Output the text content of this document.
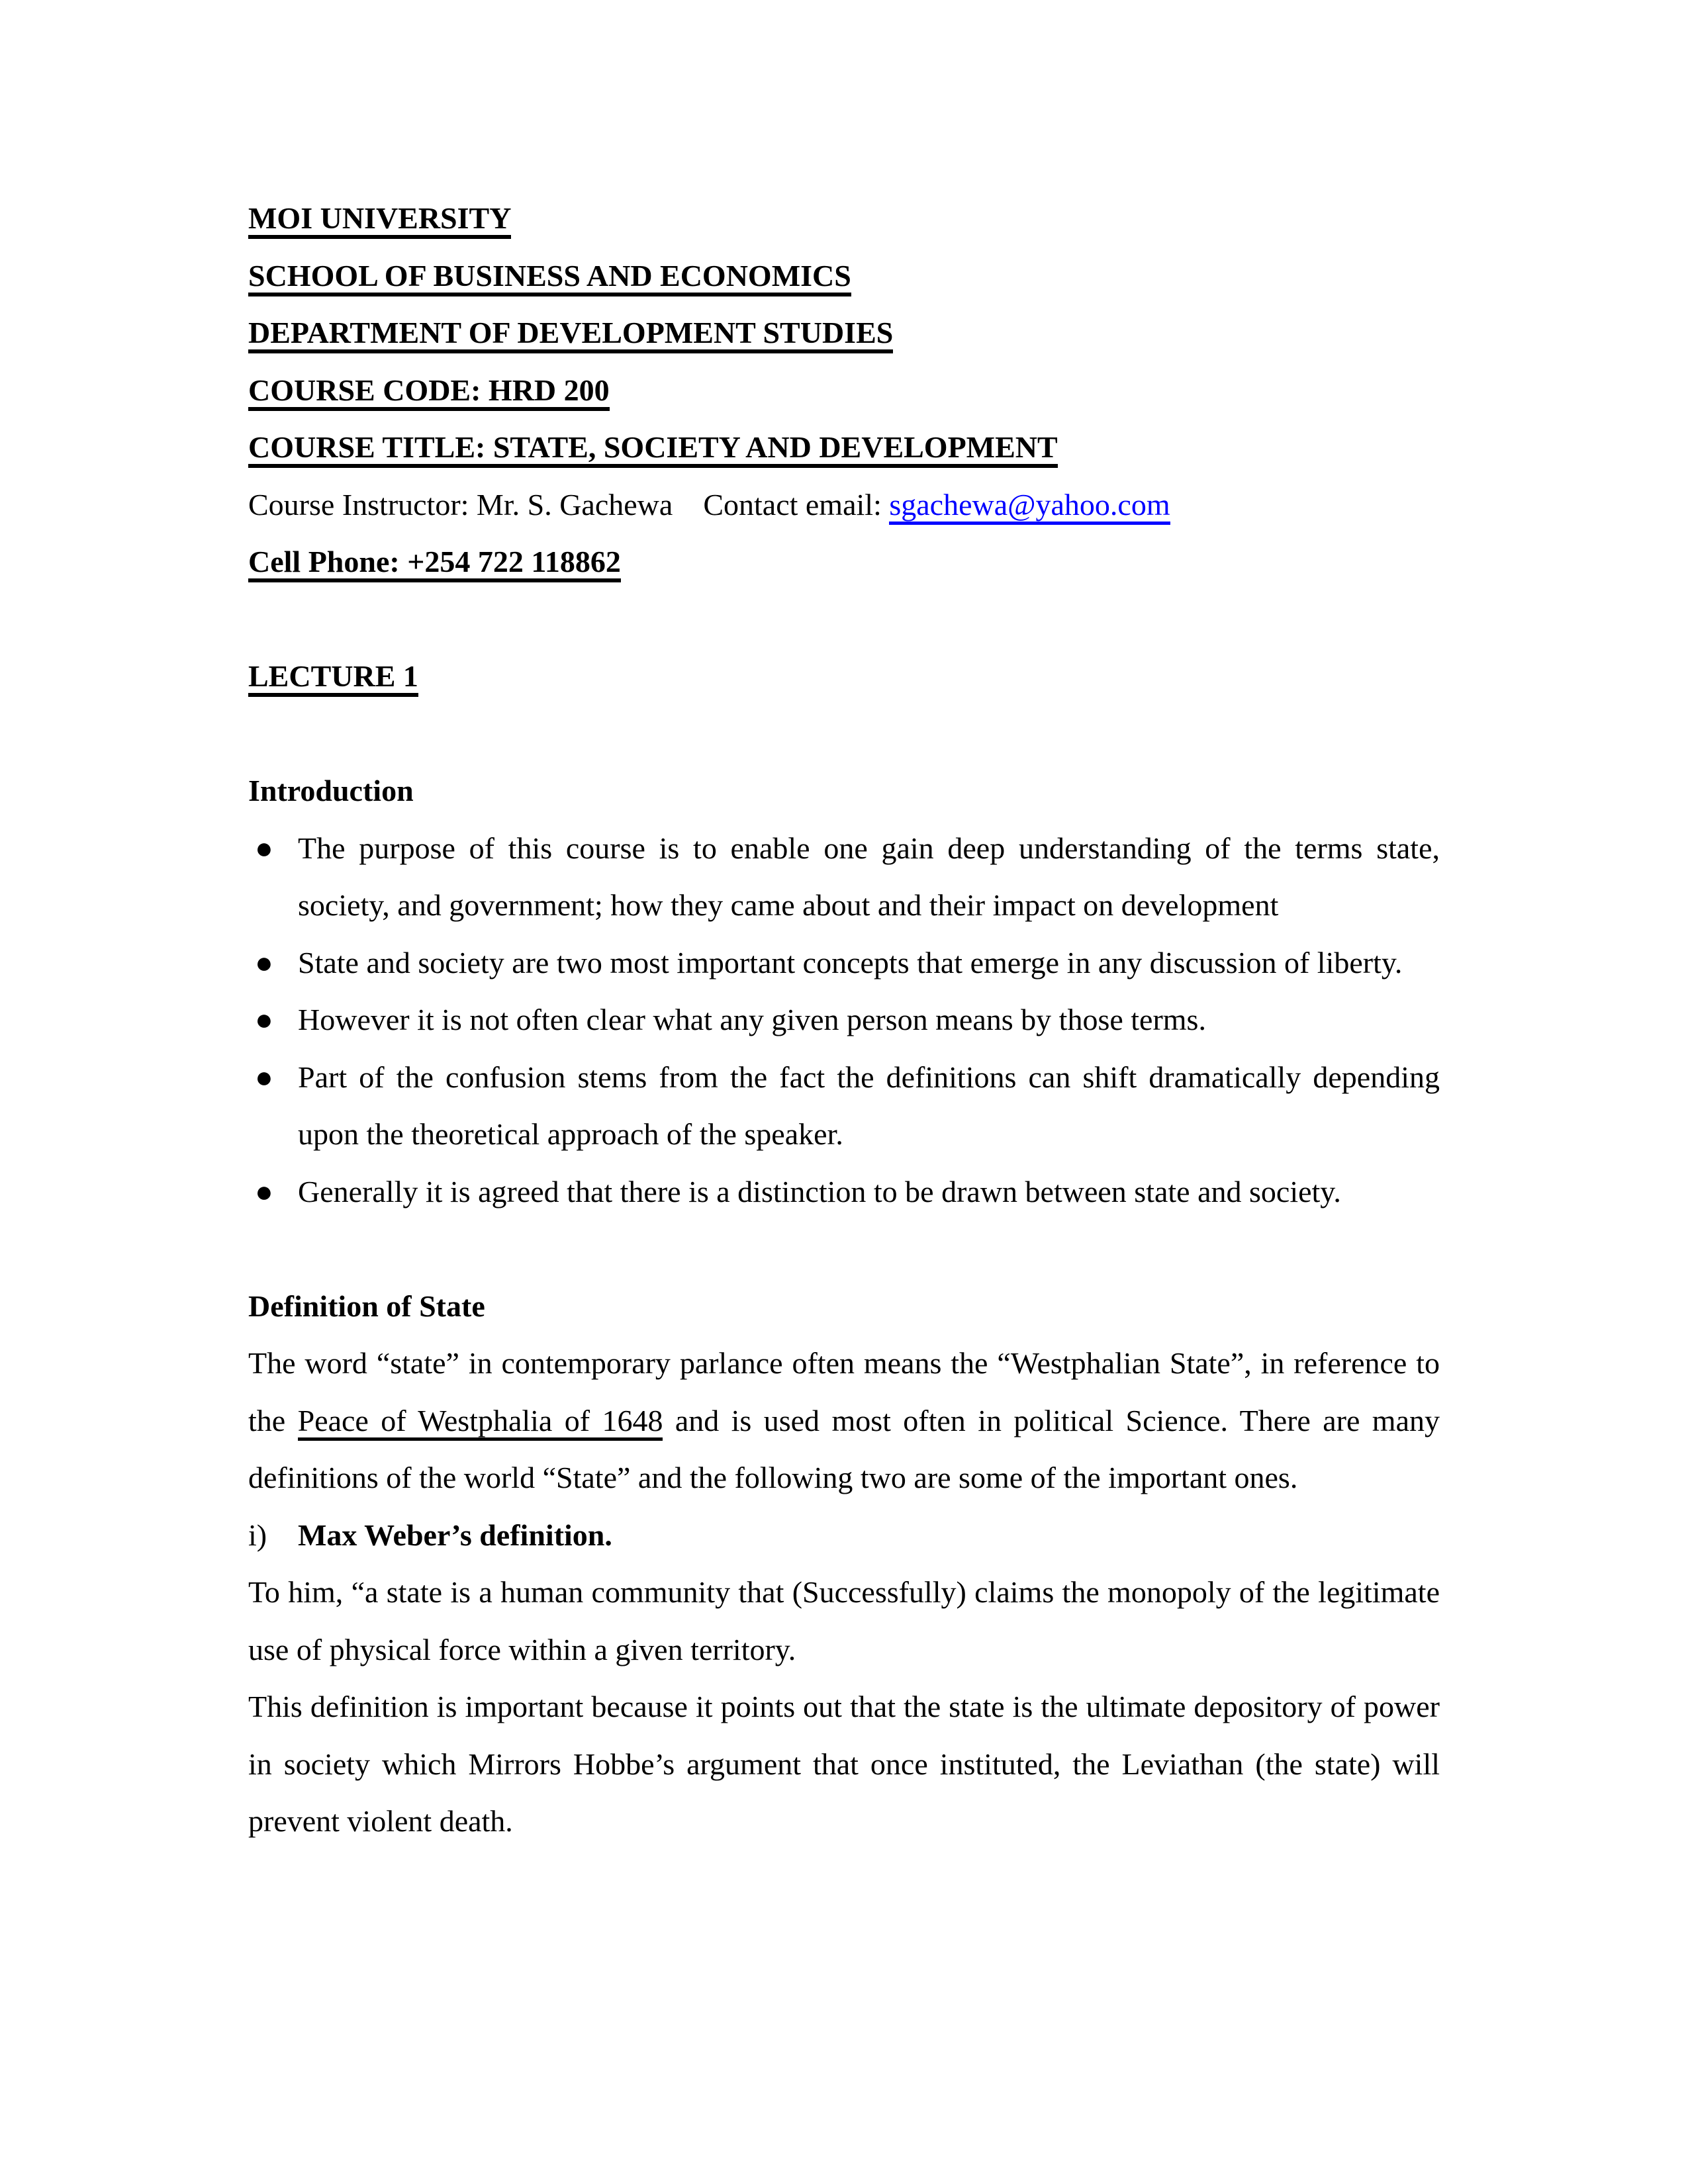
MOI UNIVERSITY
SCHOOL OF BUSINESS AND ECONOMICS
DEPARTMENT OF DEVELOPMENT STUDIES
COURSE CODE: HRD 200
COURSE TITLE: STATE, SOCIETY AND DEVELOPMENT
Course Instructor: Mr. S. Gachewa Contact email: sgachewa@yahoo.com
Cell Phone: +254 722 118862
LECTURE 1
Introduction
● The purpose of this course is to enable one gain deep understanding of the terms state, society, and government; how they came about and their impact on development
● State and society are two most important concepts that emerge in any discussion of liberty.
● However it is not often clear what any given person means by those terms.
● Part of the confusion stems from the fact the definitions can shift dramatically depending upon the theoretical approach of the speaker.
● Generally it is agreed that there is a distinction to be drawn between state and society.
Definition of State

The word “state” in contemporary parlance often means the “Westphalian State”, in reference to the Peace of Westphalia of 1648 and is used most often in political Science. There are many definitions of the world “State” and the following two are some of the important ones.

i) Max Weber’s definition.

To him, “a state is a human community that (Successfully) claims the monopoly of the legitimate use of physical force within a given territory.

This definition is important because it points out that the state is the ultimate depository of power in society which Mirrors Hobbe’s argument that once instituted, the Leviathan (the state) will prevent violent death.
